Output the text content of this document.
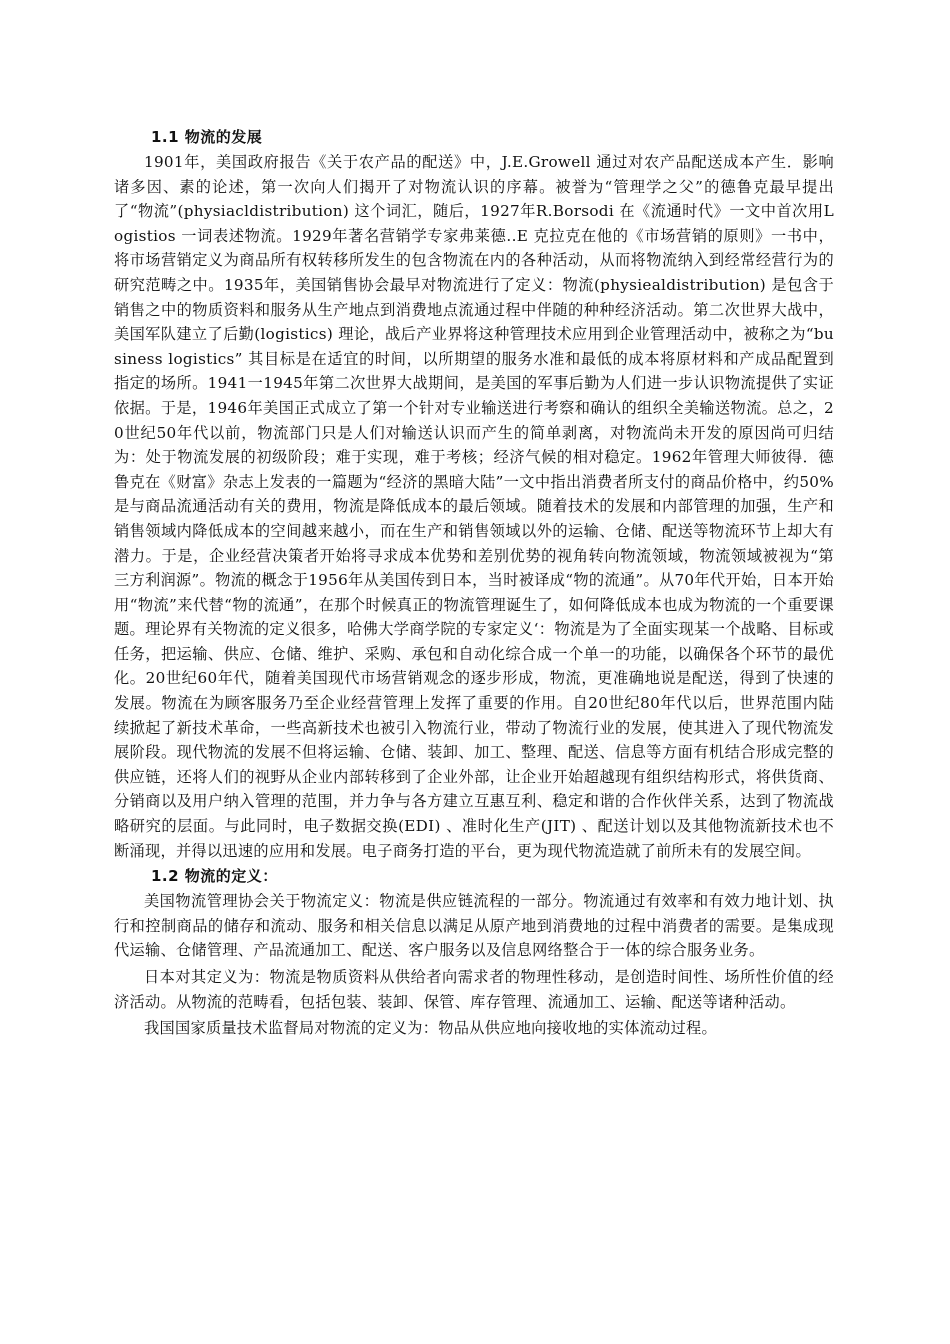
1.1 物流的发展

1901年，美国政府报告《关于农产品的配送》中，J.E.Growell 通过对农产品配送成本产生．影响诸多因、素的论述，第一次向人们揭开了对物流认识的序幕。被誉为“管理学之父”的德鲁克最早提出了“物流”(physiacldistribution) 这个词汇，随后，1927年R.Borsodi 在《流通时代》一文中首次用Logistios 一词表述物流。1929年著名营销学专家弗莱德..E 克拉克在他的《市场营销的原则》一书中，将市场营销定义为商品所有权转移所发生的包含物流在内的各种活动，从而将物流纳入到经常经营行为的研究范畴之中。1935年，美国销售协会最早对物流进行了定义：物流(physiealdistribution) 是包含于销售之中的物质资料和服务从生产地点到消费地点流通过程中伴随的种种经济活动。第二次世界大战中，美国军队建立了后勤(logistics) 理论，战后产业界将这种管理技术应用到企业管理活动中，被称之为“business logistics” 其目标是在适宜的时间，以所期望的服务水准和最低的成本将原材料和产成品配置到指定的场所。1941一1945年第二次世界大战期间，是美国的军事后勤为人们进一步认识物流提供了实证依据。于是，1946年美国正式成立了第一个针对专业输送进行考察和确认的组织全美输送物流。总之，20世纪50年代以前，物流部门只是人们对输送认识而产生的简单剥离，对物流尚未开发的原因尚可归结为：处于物流发展的初级阶段；难于实现，难于考核；经济气候的相对稳定。1962年管理大师彼得．德鲁克在《财富》杂志上发表的一篇题为“经济的黑暗大陆”一文中指出消费者所支付的商品价格中，约50% 是与商品流通活动有关的费用，物流是降低成本的最后领域。随着技术的发展和内部管理的加强，生产和销售领域内降低成本的空间越来越小，而在生产和销售领域以外的运输、仓储、配送等物流环节上却大有潜力。于是，企业经营决策者开始将寻求成本优势和差别优势的视角转向物流领域，物流领域被视为“第三方利润源”。物流的概念于1956年从美国传到日本，当时被译成“物的流通”。从70年代开始，日本开始用“物流”来代替“物的流通”，在那个时候真正的物流管理诞生了，如何降低成本也成为物流的一个重要课题。理论界有关物流的定义很多，哈佛大学商学院的专家定义‘：物流是为了全面实现某一个战略、目标或任务，把运输、供应、仓储、维护、采购、承包和自动化综合成一个单一的功能，以确保各个环节的最优化。20世纪60年代，随着美国现代市场营销观念的逐步形成，物流，更准确地说是配送，得到了快速的发展。物流在为顾客服务乃至企业经营管理上发挥了重要的作用。自20世纪80年代以后，世界范围内陆续掀起了新技术革命，一些高新技术也被引入物流行业，带动了物流行业的发展，使其进入了现代物流发展阶段。现代物流的发展不但将运输、仓储、装卸、加工、整理、配送、信息等方面有机结合形成完整的供应链，还将人们的视野从企业内部转移到了企业外部，让企业开始超越现有组织结构形式，将供货商、分销商以及用户纳入管理的范围，并力争与各方建立互惠互利、稳定和谐的合作伙伴关系，达到了物流战略研究的层面。与此同时，电子数据交换(EDI) 、准时化生产(JIT) 、配送计划以及其他物流新技术也不断涌现，并得以迅速的应用和发展。电子商务打造的平台，更为现代物流造就了前所未有的发展空间。

1.2 物流的定义：

美国物流管理协会关于物流定义：物流是供应链流程的一部分。物流通过有效率和有效力地计划、执行和控制商品的储存和流动、服务和相关信息以满足从原产地到消费地的过程中消费者的需要。是集成现代运输、仓储管理、产品流通加工、配送、客户服务以及信息网络整合于一体的综合服务业务。

日本对其定义为：物流是物质资料从供给者向需求者的物理性移动，是创造时间性、场所性价值的经济活动。从物流的范畴看，包括包装、装卸、保管、库存管理、流通加工、运输、配送等诸种活动。

我国国家质量技术监督局对物流的定义为：物品从供应地向接收地的实体流动过程。
